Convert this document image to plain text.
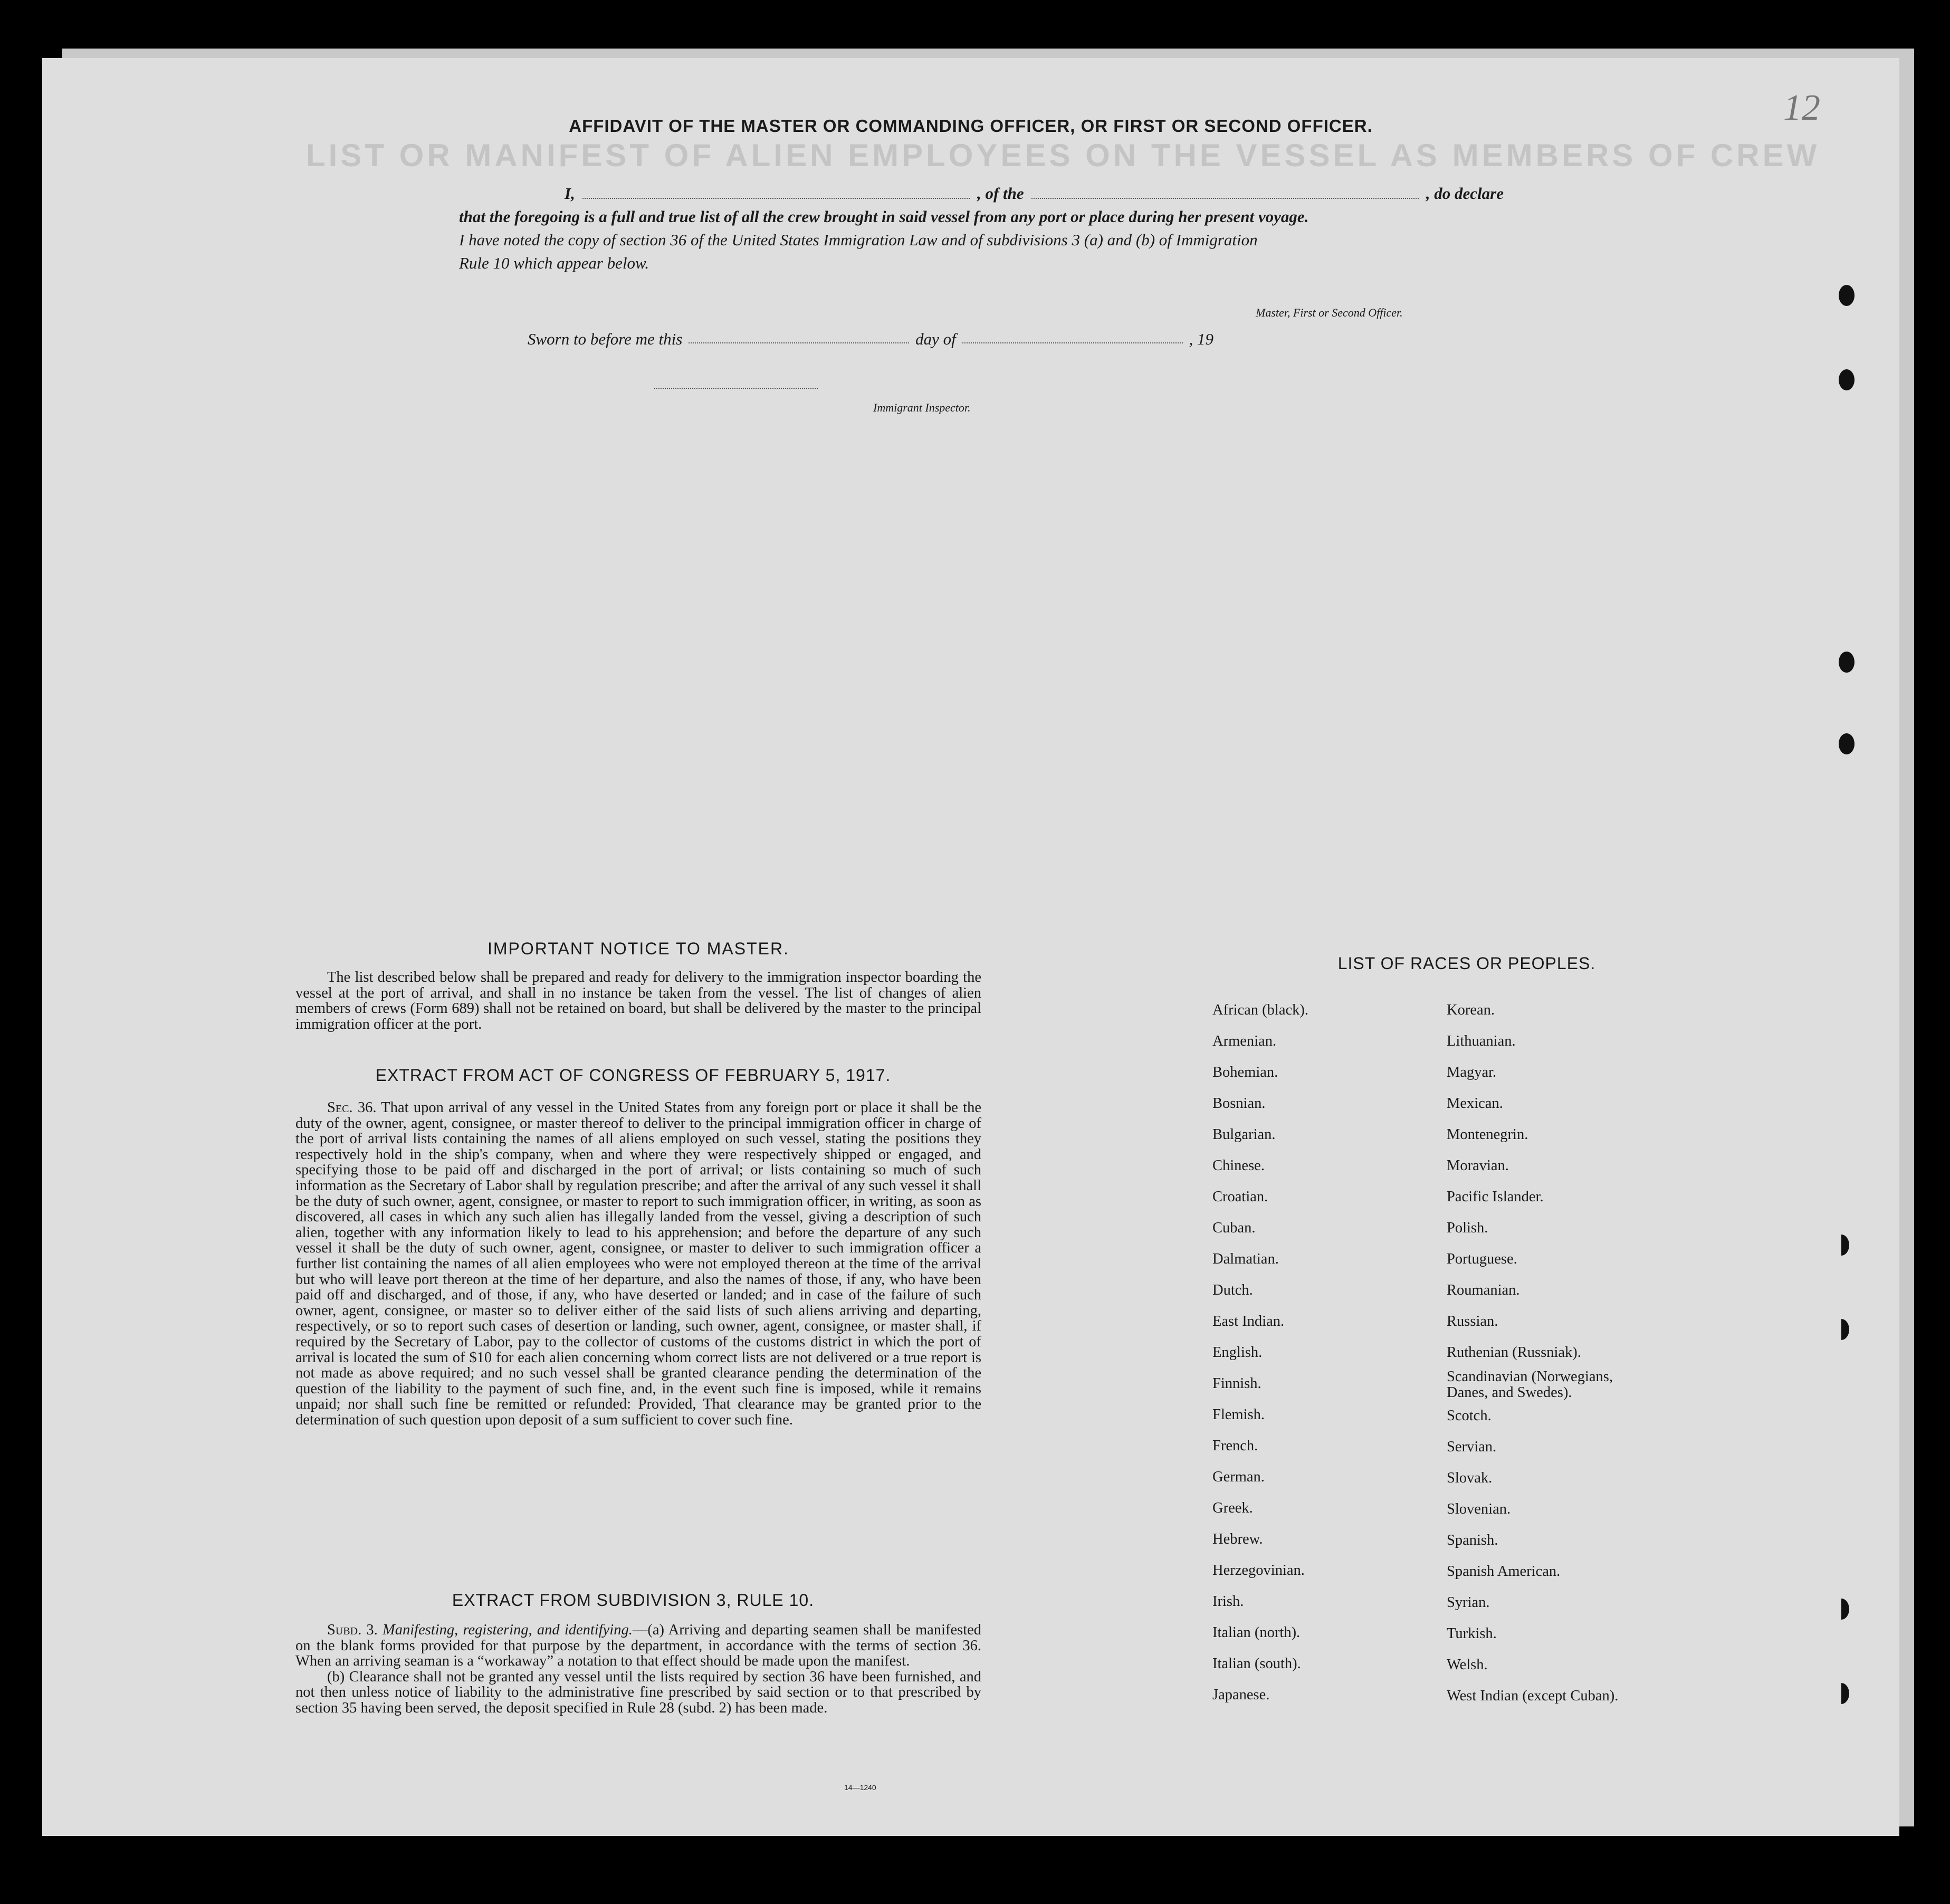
LIST OR MANIFEST OF ALIEN EMPLOYEES ON THE VESSEL AS MEMBERS OF CREW
12
AFFIDAVIT OF THE MASTER OR COMMANDING OFFICER, OR FIRST OR SECOND OFFICER.
I,	, of the	, do declare
that the foregoing is a full and true list of all the crew brought in said vessel from any port or place during her present voyage.
I have noted the copy of section 36 of the United States Immigration Law and of subdivisions 3 (a) and (b) of Immigration
Rule 10 which appear below.
Master, First or Second Officer.
Sworn to before me this	day of	, 19
Immigrant Inspector.
IMPORTANT NOTICE TO MASTER.
The list described below shall be prepared and ready for delivery to the immigration inspector boarding the vessel at the port of arrival, and shall in no instance be taken from the vessel. The list of changes of alien members of crews (Form 689) shall not be retained on board, but shall be delivered by the master to the principal immigration officer at the port.
EXTRACT FROM ACT OF CONGRESS OF FEBRUARY 5, 1917.
Sec. 36. That upon arrival of any vessel in the United States from any foreign port or place it shall be the duty of the owner, agent, consignee, or master thereof to deliver to the principal immigration officer in charge of the port of arrival lists containing the names of all aliens employed on such vessel, stating the positions they respectively hold in the ship's company, when and where they were respectively shipped or engaged, and specifying those to be paid off and discharged in the port of arrival; or lists containing so much of such information as the Secretary of Labor shall by regulation prescribe; and after the arrival of any such vessel it shall be the duty of such owner, agent, consignee, or master to report to such immigration officer, in writing, as soon as discovered, all cases in which any such alien has illegally landed from the vessel, giving a description of such alien, together with any information likely to lead to his apprehension; and before the departure of any such vessel it shall be the duty of such owner, agent, consignee, or master to deliver to such immigration officer a further list containing the names of all alien employees who were not employed thereon at the time of the arrival but who will leave port thereon at the time of her departure, and also the names of those, if any, who have been paid off and discharged, and of those, if any, who have deserted or landed; and in case of the failure of such owner, agent, consignee, or master so to deliver either of the said lists of such aliens arriving and departing, respectively, or so to report such cases of desertion or landing, such owner, agent, consignee, or master shall, if required by the Secretary of Labor, pay to the collector of customs of the customs district in which the port of arrival is located the sum of $10 for each alien concerning whom correct lists are not delivered or a true report is not made as above required; and no such vessel shall be granted clearance pending the determination of the question of the liability to the payment of such fine, and, in the event such fine is imposed, while it remains unpaid; nor shall such fine be remitted or refunded: Provided, That clearance may be granted prior to the determination of such question upon deposit of a sum sufficient to cover such fine.
EXTRACT FROM SUBDIVISION 3, RULE 10.
Subd. 3. Manifesting, registering, and identifying.—(a) Arriving and departing seamen shall be manifested on the blank forms provided for that purpose by the department, in accordance with the terms of section 36. When an arriving seaman is a “workaway” a notation to that effect should be made upon the manifest.
(b) Clearance shall not be granted any vessel until the lists required by section 36 have been furnished, and not then unless notice of liability to the administrative fine prescribed by said section or to that prescribed by section 35 having been served, the deposit specified in Rule 28 (subd. 2) has been made.
14—1240
LIST OF RACES OR PEOPLES.
African (black).
Armenian.
Bohemian.
Bosnian.
Bulgarian.
Chinese.
Croatian.
Cuban.
Dalmatian.
Dutch.
East Indian.
English.
Finnish.
Flemish.
French.
German.
Greek.
Hebrew.
Herzegovinian.
Irish.
Italian (north).
Italian (south).
Japanese.
Korean.
Lithuanian.
Magyar.
Mexican.
Montenegrin.
Moravian.
Pacific Islander.
Polish.
Portuguese.
Roumanian.
Russian.
Ruthenian (Russniak).
Scandinavian (Norwegians, Danes, and Swedes).
Scotch.
Servian.
Slovak.
Slovenian.
Spanish.
Spanish American.
Syrian.
Turkish.
Welsh.
West Indian (except Cuban).
